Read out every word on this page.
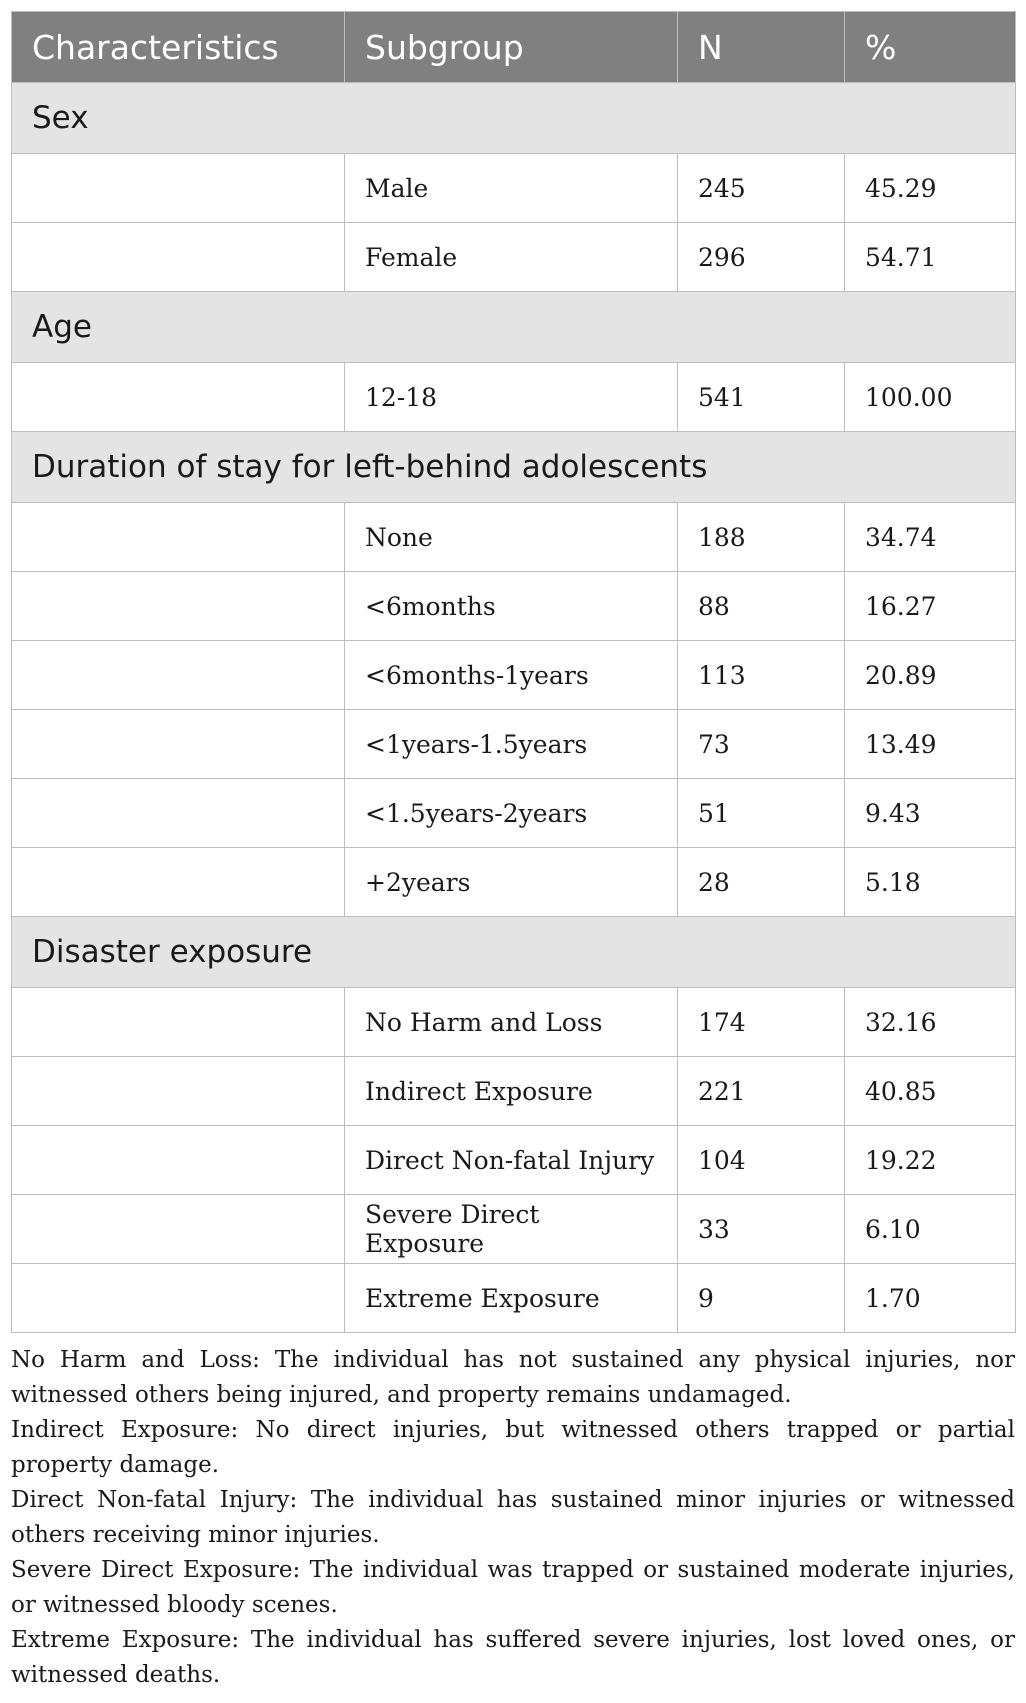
Characteristics	Subgroup	N	%
Sex			
	Male	245	45.29
	Female	296	54.71
Age			
	12-18	541	100.00
Duration of stay for left-behind adolescents			
	None	188	34.74
	<6months	88	16.27
	<6months-1years	113	20.89
	<1years-1.5years	73	13.49
	<1.5years-2years	51	9.43
	+2years	28	5.18
Disaster exposure			
	No Harm and Loss	174	32.16
	Indirect Exposure	221	40.85
	Direct Non-fatal Injury	104	19.22
	Severe Direct Exposure	33	6.10
	Extreme Exposure	9	1.70

No Harm and Loss: The individual has not sustained any physical injuries, nor witnessed others being injured, and property remains undamaged.

Indirect Exposure: No direct injuries, but witnessed others trapped or partial property damage.

Direct Non-fatal Injury: The individual has sustained minor injuries or witnessed others receiving minor injuries.

Severe Direct Exposure: The individual was trapped or sustained moderate injuries, or witnessed bloody scenes.

Extreme Exposure: The individual has suffered severe injuries, lost loved ones, or witnessed deaths.
